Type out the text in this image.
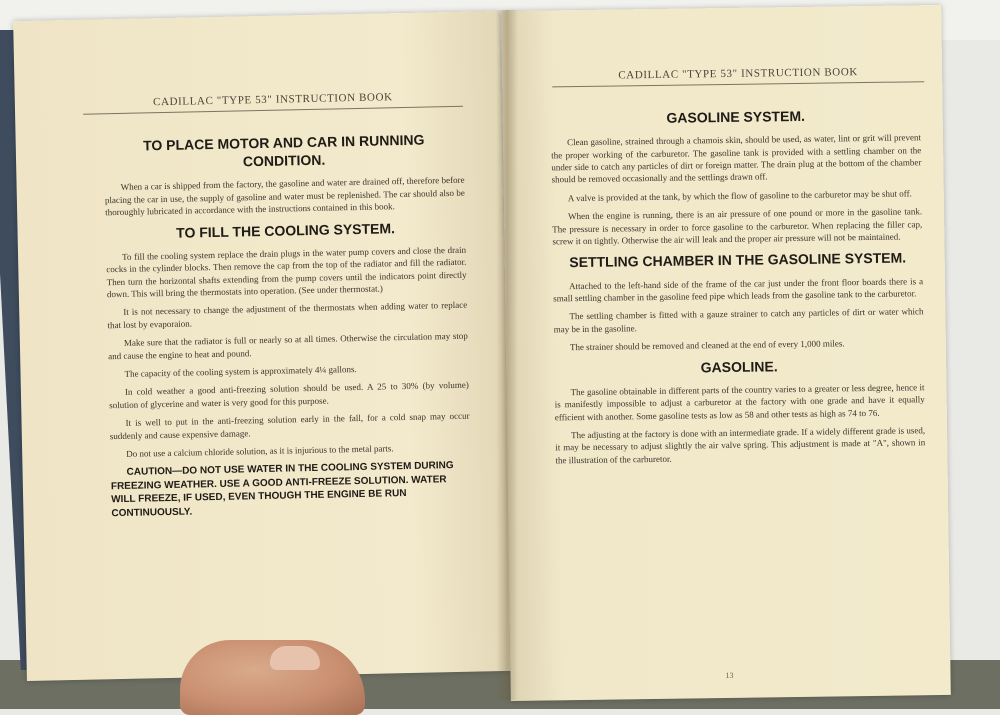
CADILLAC "TYPE 53" INSTRUCTION BOOK
TO PLACE MOTOR AND CAR IN RUNNING CONDITION.

When a car is shipped from the factory, the gasoline and water are drained off, therefore before placing the car in use, the supply of gasoline and water must be replenished. The car should also be thoroughly lubricated in accordance with the instructions contained in this book.

TO FILL THE COOLING SYSTEM.

To fill the cooling system replace the drain plugs in the water pump covers and close the drain cocks in the cylinder blocks. Then remove the cap from the top of the radiator and fill the radiator. Then turn the horizontal shafts extending from the pump covers until the indicators point directly down. This will bring the thermostats into operation. (See under thermostat.)

It is not necessary to change the adjustment of the thermostats when adding water to replace that lost by evaporaion.

Make sure that the radiator is full or nearly so at all times. Otherwise the circulation may stop and cause the engine to heat and pound.

The capacity of the cooling system is approximately 4¼ gallons.

In cold weather a good anti-freezing solution should be used. A 25 to 30% (by volume) solution of glycerine and water is very good for this purpose.

It is well to put in the anti-freezing solution early in the fall, for a cold snap may occur suddenly and cause expensive damage.

Do not use a calcium chloride solution, as it is injurious to the metal parts.

CAUTION—DO NOT USE WATER IN THE COOLING SYSTEM DURING FREEZING WEATHER. USE A GOOD ANTI-FREEZE SOLUTION. WATER WILL FREEZE, IF USED, EVEN THOUGH THE ENGINE BE RUN CONTINUOUSLY.

CADILLAC "TYPE 53" INSTRUCTION BOOK
GASOLINE SYSTEM.

Clean gasoline, strained through a chamois skin, should be used, as water, lint or grit will prevent the proper working of the carburetor. The gasoline tank is provided with a settling chamber on the under side to catch any particles of dirt or foreign matter. The drain plug at the bottom of the chamber should be removed occasionally and the settlings drawn off.

A valve is provided at the tank, by which the flow of gasoline to the carburetor may be shut off.

When the engine is running, there is an air pressure of one pound or more in the gasoline tank. The pressure is necessary in order to force gasoline to the carburetor. When replacing the filler cap, screw it on tightly. Otherwise the air will leak and the proper air pressure will not be maintained.

SETTLING CHAMBER IN THE GASOLINE SYSTEM.

Attached to the left-hand side of the frame of the car just under the front floor boards there is a small settling chamber in the gasoline feed pipe which leads from the gasoline tank to the carburetor.

The settling chamber is fitted with a gauze strainer to catch any particles of dirt or water which may be in the gasoline.

The strainer should be removed and cleaned at the end of every 1,000 miles.

GASOLINE.

The gasoline obtainable in different parts of the country varies to a greater or less degree, hence it is manifestly impossible to adjust a carburetor at the factory with one grade and have it equally efficient with another. Some gasoline tests as low as 58 and other tests as high as 74 to 76.

The adjusting at the factory is done with an intermediate grade. If a widely different grade is used, it may be necessary to adjust slightly the air valve spring. This adjustment is made at "A", shown in the illustration of the carburetor.

13
